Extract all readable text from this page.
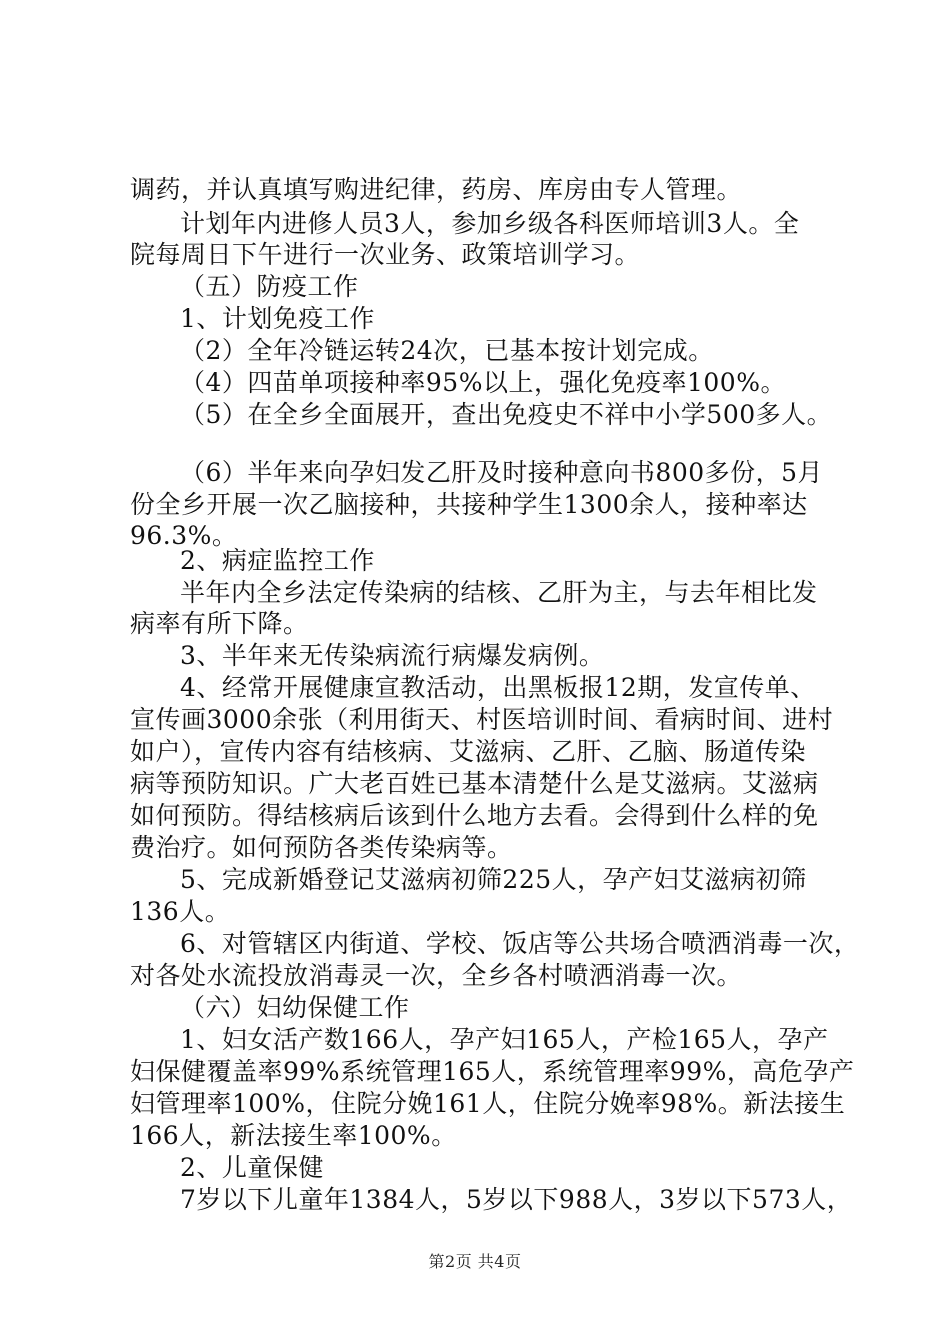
调药，并认真填写购进纪律，药房、库房由专人管理。
计划年内进修人员3人，参加乡级各科医师培训3人。全
院每周日下午进行一次业务、政策培训学习。
（五）防疫工作
1、计划免疫工作
（2）全年冷链运转24次，已基本按计划完成。
（4）四苗单项接种率95%以上，强化免疫率100%。
（5）在全乡全面展开，查出免疫史不祥中小学500多人。
（6）半年来向孕妇发乙肝及时接种意向书800多份，5月
份全乡开展一次乙脑接种，共接种学生1300余人，接种率达
96.3%。
2、病症监控工作
半年内全乡法定传染病的结核、乙肝为主，与去年相比发
病率有所下降。
3、半年来无传染病流行病爆发病例。
4、经常开展健康宣教活动，出黑板报12期，发宣传单、
宣传画3000余张（利用街天、村医培训时间、看病时间、进村
如户），宣传内容有结核病、艾滋病、乙肝、乙脑、肠道传染
病等预防知识。广大老百姓已基本清楚什么是艾滋病。艾滋病
如何预防。得结核病后该到什么地方去看。会得到什么样的免
费治疗。如何预防各类传染病等。
5、完成新婚登记艾滋病初筛225人，孕产妇艾滋病初筛
136人。
6、对管辖区内街道、学校、饭店等公共场合喷洒消毒一次，
对各处水流投放消毒灵一次，全乡各村喷洒消毒一次。
（六）妇幼保健工作
1、妇女活产数166人，孕产妇165人，产检165人，孕产
妇保健覆盖率99%系统管理165人，系统管理率99%，高危孕产
妇管理率100%，住院分娩161人，住院分娩率98%。新法接生
166人，新法接生率100%。
2、儿童保健
7岁以下儿童年1384人，5岁以下988人，3岁以下573人，
第2页 共4页
